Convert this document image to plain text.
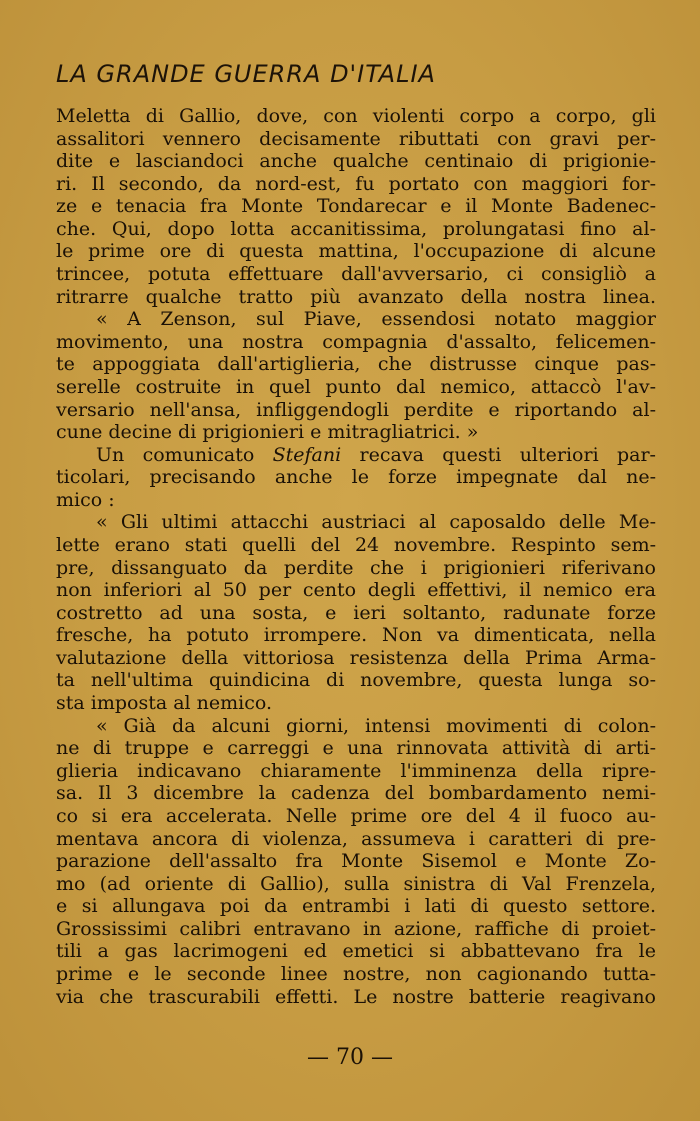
LA GRANDE GUERRA D'ITALIA
Meletta di Gallio, dove, con violenti corpo a corpo, gli
assalitori vennero decisamente ributtati con gravi per-
dite e lasciandoci anche qualche centinaio di prigionie-
ri. Il secondo, da nord-est, fu portato con maggiori for-
ze e tenacia fra Monte Tondarecar e il Monte Badenec-
che. Qui, dopo lotta accanitissima, prolungatasi fino al-
le prime ore di questa mattina, l'occupazione di alcune
trincee, potuta effettuare dall'avversario, ci consigliò a
ritrarre qualche tratto più avanzato della nostra linea.
« A Zenson, sul Piave, essendosi notato maggior
movimento, una nostra compagnia d'assalto, felicemen-
te appoggiata dall'artiglieria, che distrusse cinque pas-
serelle costruite in quel punto dal nemico, attaccò l'av-
versario nell'ansa, infliggendogli perdite e riportando al-
cune decine di prigionieri e mitragliatrici. »
Un comunicato Stefani recava questi ulteriori par-
ticolari, precisando anche le forze impegnate dal ne-
mico :
« Gli ultimi attacchi austriaci al caposaldo delle Me-
lette erano stati quelli del 24 novembre. Respinto sem-
pre, dissanguato da perdite che i prigionieri riferivano
non inferiori al 50 per cento degli effettivi, il nemico era
costretto ad una sosta, e ieri soltanto, radunate forze
fresche, ha potuto irrompere. Non va dimenticata, nella
valutazione della vittoriosa resistenza della Prima Arma-
ta nell'ultima quindicina di novembre, questa lunga so-
sta imposta al nemico.
« Già da alcuni giorni, intensi movimenti di colon-
ne di truppe e carreggi e una rinnovata attività di arti-
glieria indicavano chiaramente l'imminenza della ripre-
sa. Il 3 dicembre la cadenza del bombardamento nemi-
co si era accelerata. Nelle prime ore del 4 il fuoco au-
mentava ancora di violenza, assumeva i caratteri di pre-
parazione dell'assalto fra Monte Sisemol e Monte Zo-
mo (ad oriente di Gallio), sulla sinistra di Val Frenzela,
e si allungava poi da entrambi i lati di questo settore.
Grossissimi calibri entravano in azione, raffiche di proiet-
tili a gas lacrimogeni ed emetici si abbattevano fra le
prime e le seconde linee nostre, non cagionando tutta-
via che trascurabili effetti. Le nostre batterie reagivano
— 70 —
